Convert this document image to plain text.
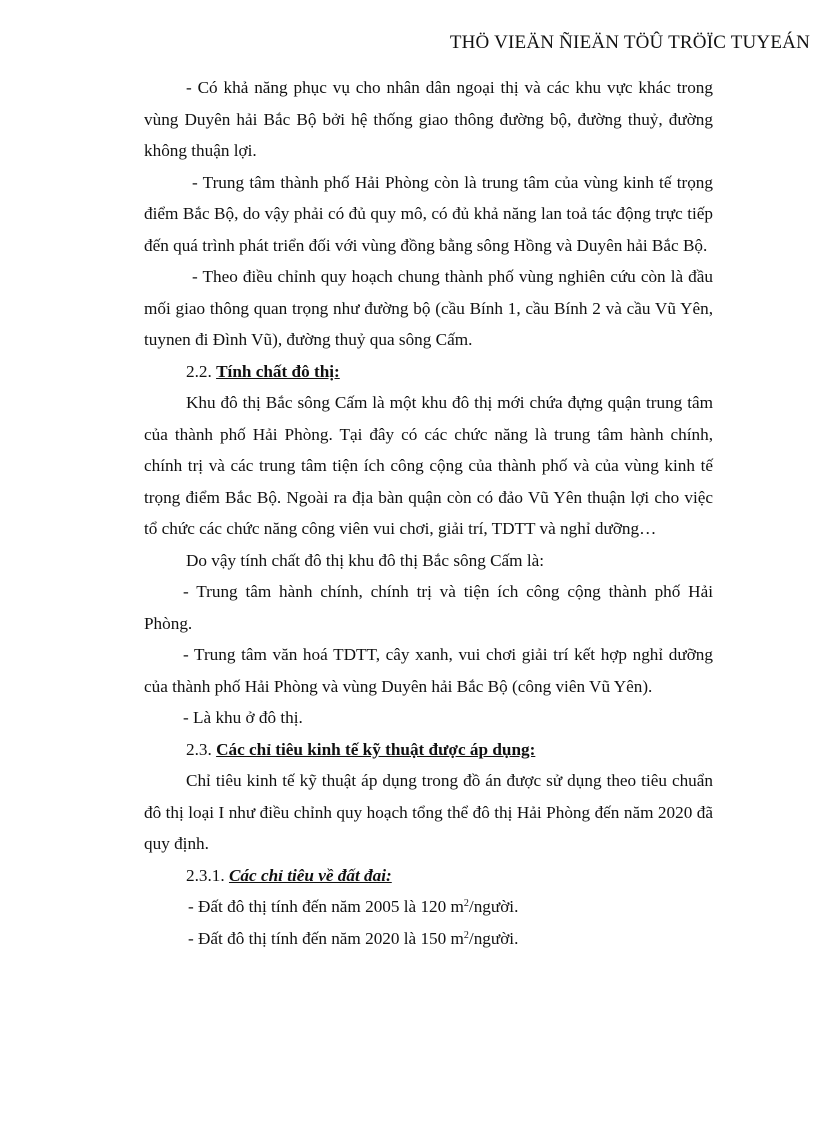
THÖ VIEÄN ÑIEÄN TÖÛ TRÖÏC TUYEÁN

- Có khả năng phục vụ cho nhân dân ngoại thị và các khu vực khác trong vùng Duyên hải Bắc Bộ bởi hệ thống giao thông đường bộ, đường thuỷ, đường không thuận lợi.

- Trung tâm thành phố Hải Phòng còn là trung tâm của vùng kinh tế trọng điểm Bắc Bộ, do vậy phải có đủ quy mô, có đủ khả năng lan toả tác động trực tiếp đến quá trình phát triển đối với vùng đồng bằng sông Hồng và Duyên hải Bắc Bộ.

- Theo điều chỉnh quy hoạch chung thành phố vùng nghiên cứu còn là đầu mối giao thông quan trọng như đường bộ (cầu Bính 1, cầu Bính 2 và cầu Vũ Yên, tuynen đi Đình Vũ), đường thuỷ qua sông Cấm.

2.2. Tính chất đô thị:

Khu đô thị Bắc sông Cấm là một khu đô thị mới chứa đựng quận trung tâm của thành phố Hải Phòng. Tại đây có các chức năng là trung tâm hành chính, chính trị và các trung tâm tiện ích công cộng của thành phố và của vùng kinh tế trọng điểm Bắc Bộ. Ngoài ra địa bàn quận còn có đảo Vũ Yên thuận lợi cho việc tổ chức các chức năng công viên vui chơi, giải trí, TDTT và nghỉ dưỡng…

Do vậy tính chất đô thị khu đô thị Bắc sông Cấm là:

- Trung tâm hành chính, chính trị và tiện ích công cộng thành phố Hải Phòng.

- Trung tâm văn hoá TDTT, cây xanh, vui chơi giải trí kết hợp nghỉ dưỡng của thành phố Hải Phòng và vùng Duyên hải Bắc Bộ (công viên Vũ Yên).

- Là khu ở đô thị.

2.3. Các chỉ tiêu kinh tế kỹ thuật được áp dụng:

Chỉ tiêu kinh tế kỹ thuật áp dụng trong đồ án được sử dụng theo tiêu chuẩn đô thị loại I như điều chỉnh quy hoạch tổng thể đô thị Hải Phòng đến năm 2020 đã quy định.

2.3.1. Các chỉ tiêu về đất đai:

- Đất đô thị tính đến năm 2005 là 120 $m^2$/người.

- Đất đô thị tính đến năm 2020 là 150 $m^2$/người.
